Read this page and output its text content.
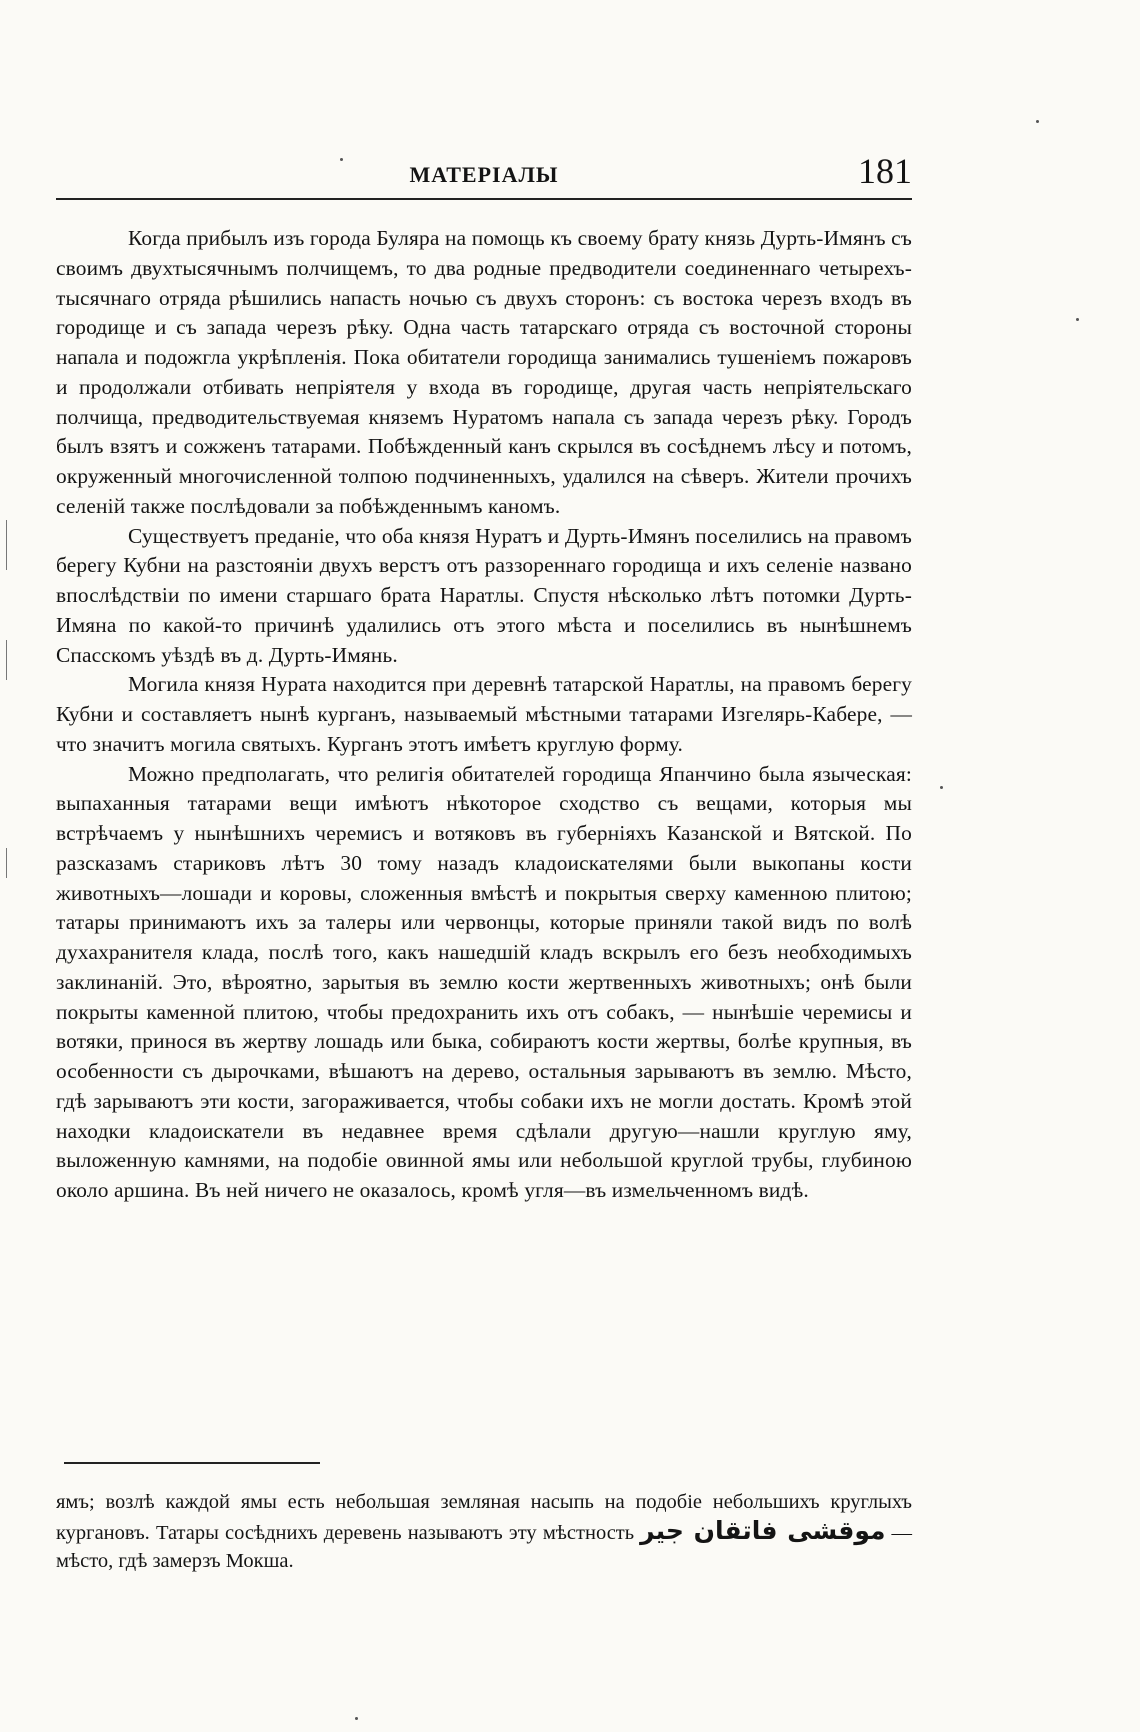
МАТЕРІАЛЫ	181

Когда прибылъ изъ города Буляра на помощь къ своему брату князь Дурть-Имянъ съ своимъ двухтысячнымъ полчищемъ, то два родные предводители соединеннаго четырехъ-тысячнаго отряда рѣшились напасть ночью съ двухъ сторонъ: съ востока черезъ входъ въ городище и съ запада черезъ рѣку. Одна часть татарскаго отряда съ восточной стороны напала и подожгла укрѣпленія. Пока обитатели городища занимались тушеніемъ пожаровъ и продолжали отбивать непріятеля у входа въ городище, другая часть непріятельскаго полчища, предводительствуемая княземъ Нуратомъ напала съ запада черезъ рѣку. Городъ былъ взятъ и сожженъ татарами. Побѣжденный канъ скрылся въ сосѣднемъ лѣсу и потомъ, окруженный многочисленной толпою подчиненныхъ, удалился на сѣверъ. Жители прочихъ селеній также послѣдовали за побѣжденнымъ каномъ.

Существуетъ преданіе, что оба князя Нуратъ и Дурть-Имянъ поселились на правомъ берегу Кубни на разстояніи двухъ верстъ отъ раззореннаго городища и ихъ селеніе названо впослѣдствіи по имени старшаго брата Наратлы. Спустя нѣсколько лѣтъ потомки Дурть-Имяна по какой-то причинѣ удалились отъ этого мѣста и поселились въ нынѣшнемъ Спасскомъ уѣздѣ въ д. Дурть-Имянь.

Могила князя Нурата находится при деревнѣ татарской Наратлы, на правомъ берегу Кубни и составляетъ нынѣ курганъ, называемый мѣстными татарами Изгелярь-Кабере, — что значитъ могила святыхъ. Курганъ этотъ имѣетъ круглую форму.

Можно предполагать, что религія обитателей городища Япанчино была языческая: выпаханныя татарами вещи имѣютъ нѣкоторое сходство съ вещами, которыя мы встрѣчаемъ у нынѣшнихъ черемисъ и вотяковъ въ губерніяхъ Казанской и Вятской. По разсказамъ стариковъ лѣтъ 30 тому назадъ кладоискателями были выкопаны кости животныхъ—лошади и коровы, сложенныя вмѣстѣ и покрытыя сверху каменною плитою; татары принимаютъ ихъ за талеры или червонцы, которые приняли такой видъ по волѣ духахранителя клада, послѣ того, какъ нашедшій кладъ вскрылъ его безъ необходимыхъ заклинаній. Это, вѣроятно, зарытыя въ землю кости жертвенныхъ животныхъ; онѣ были покрыты каменной плитою, чтобы предохранить ихъ отъ собакъ, — нынѣшіе черемисы и вотяки, принося въ жертву лошадь или быка, собираютъ кости жертвы, болѣе крупныя, въ особенности съ дырочками, вѣшаютъ на дерево, остальныя зарываютъ въ землю. Мѣсто, гдѣ зарываютъ эти кости, загораживается, чтобы собаки ихъ не могли достать. Кромѣ этой находки кладоискатели въ недавнее время сдѣлали другую—нашли круглую яму, выложенную камнями, на подобіе овинной ямы или небольшой круглой трубы, глубиною около аршина. Въ ней ничего не оказалось, кромѣ угля—въ измельченномъ видѣ.

ямъ; возлѣ каждой ямы есть небольшая земляная насыпь на подобіе небольшихъ круглыхъ кургановъ. Татары сосѣднихъ деревень называютъ эту мѣстность موقشی فاتقان جير —мѣсто, гдѣ замерзъ Мокша.
